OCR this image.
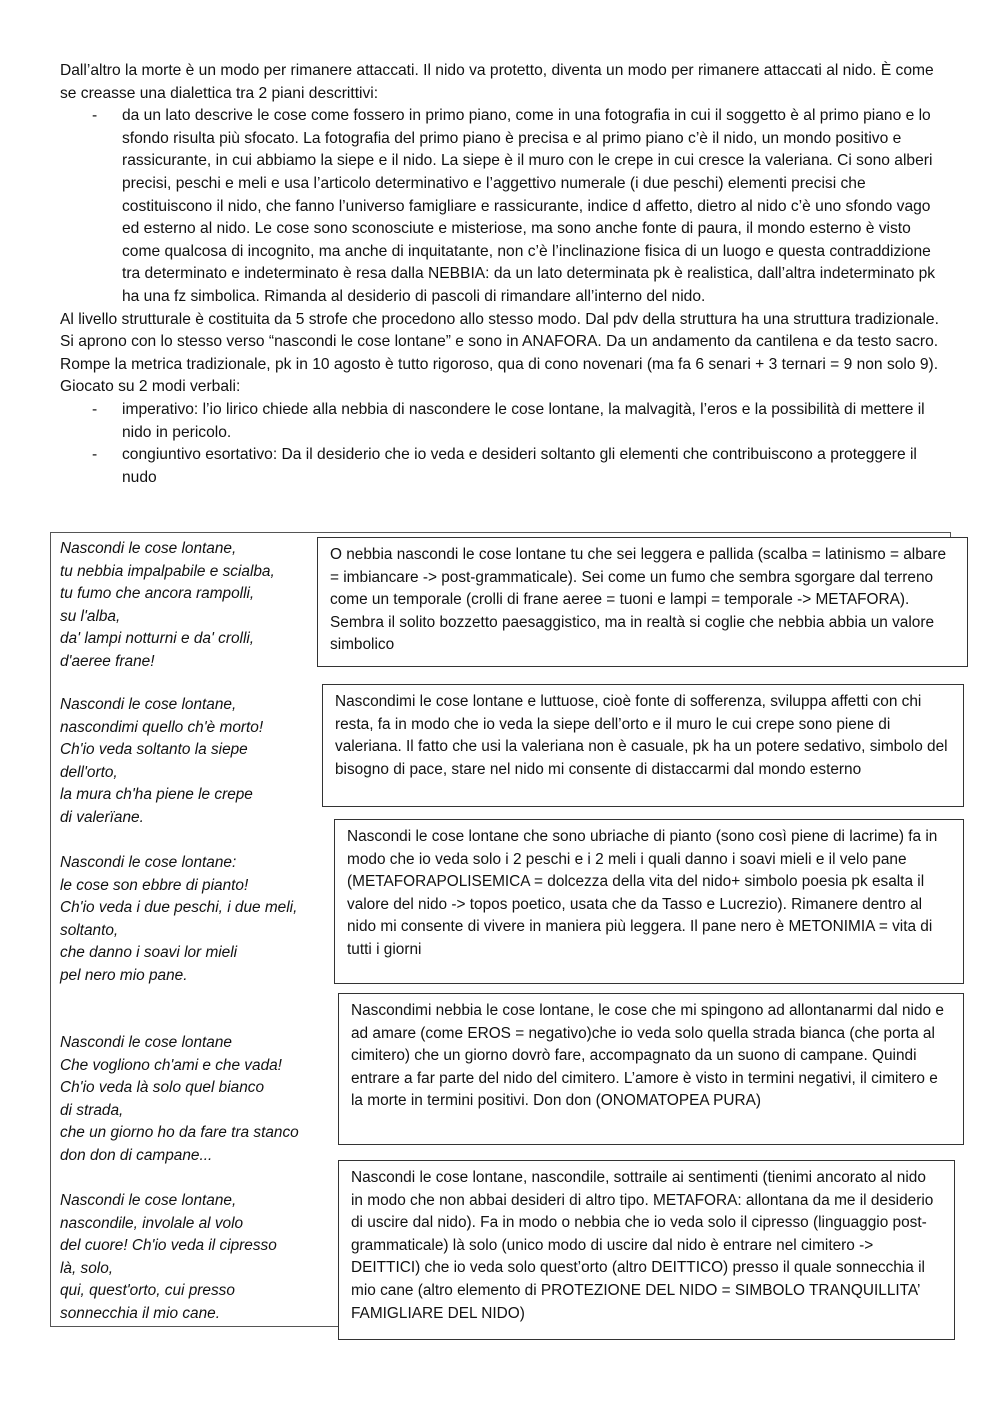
Dall’altro la morte è un modo per rimanere attaccati. Il nido va protetto, diventa un modo per rimanere attaccati al nido. È come se creasse una dialettica tra 2 piani descrittivi:

- da un lato descrive le cose come fossero in primo piano, come in una fotografia in cui il soggetto è al primo piano e lo sfondo risulta più sfocato. La fotografia del primo piano è precisa e al primo piano c’è il nido, un mondo positivo e rassicurante, in cui abbiamo la siepe e il nido. La siepe è il muro con le crepe in cui cresce la valeriana. Ci sono alberi precisi, peschi e meli e usa l’articolo determinativo e l’aggettivo numerale (i due peschi) elementi precisi che costituiscono il nido, che fanno l’universo famigliare e rassicurante, indice d affetto, dietro al nido c’è uno sfondo vago ed esterno al nido. Le cose sono sconosciute e misteriose, ma sono anche fonte di paura, il mondo esterno è visto come qualcosa di incognito, ma anche di inquitatante, non c’è l’inclinazione fisica di un luogo e questa contraddizione tra determinato e indeterminato è resa dalla NEBBIA: da un lato determinata pk è realistica, dall’altra indeterminato pk ha una fz simbolica. Rimanda al desiderio di pascoli di rimandare all’interno del nido.

Al livello strutturale è costituita da 5 strofe che procedono allo stesso modo. Dal pdv della struttura ha una struttura tradizionale. Si aprono con lo stesso verso “nascondi le cose lontane” e sono in ANAFORA. Da un andamento da cantilena e da testo sacro. Rompe la metrica tradizionale, pk in 10 agosto è tutto rigoroso, qua di cono novenari (ma fa 6 senari + 3 ternari = 9 non solo 9). Giocato su 2 modi verbali:

- imperativo: l’io lirico chiede alla nebbia di nascondere le cose lontane, la malvagità, l’eros e la possibilità di mettere il nido in pericolo.
- congiuntivo esortativo: Da il desiderio che io veda e desideri soltanto gli elementi che contribuiscono a proteggere il nudo
Nascondi le cose lontane,
tu nebbia impalpabile e scialba,
tu fumo che ancora rampolli,
su l'alba,
da' lampi notturni e da' crolli,
d'aeree frane!
Nascondi le cose lontane,
nascondimi quello ch'è morto!
Ch'io veda soltanto la siepe
dell'orto,
la mura ch'ha piene le crepe
di valerïane.
Nascondi le cose lontane:
le cose son ebbre di pianto!
Ch'io veda i due peschi, i due meli,
soltanto,
che danno i soavi lor mieli
pel nero mio pane.
Nascondi le cose lontane
Che vogliono ch'ami e che vada!
Ch'io veda là solo quel bianco
di strada,
che un giorno ho da fare tra stanco
don don di campane...
Nascondi le cose lontane,
nascondile, involale al volo
del cuore! Ch'io veda il cipresso
là, solo,
qui, quest'orto, cui presso
sonnecchia il mio cane.
O nebbia nascondi le cose lontane tu che sei leggera e pallida (scalba = latinismo = albare = imbiancare -> post-grammaticale). Sei come un fumo che sembra sgorgare dal terreno come un temporale (crolli di frane aeree = tuoni e lampi = temporale -> METAFORA). Sembra il solito bozzetto paesaggistico, ma in realtà si coglie che nebbia abbia un valore simbolico
Nascondimi le cose lontane e luttuose, cioè fonte di sofferenza, sviluppa affetti con chi resta, fa in modo che io veda la siepe dell’orto e il muro le cui crepe sono piene di valeriana. Il fatto che usi la valeriana non è casuale, pk ha un potere sedativo, simbolo del bisogno di pace, stare nel nido mi consente di distaccarmi dal mondo esterno
Nascondi le cose lontane che sono ubriache di pianto (sono così piene di lacrime) fa in modo che io veda solo i 2 peschi e i 2 meli i quali danno i soavi mieli e il velo pane (METAFORAPOLISEMICA = dolcezza della vita del nido+ simbolo poesia pk esalta il valore del nido -> topos poetico, usata che da Tasso e Lucrezio). Rimanere dentro al nido mi consente di vivere in maniera più leggera. Il pane nero è METONIMIA = vita di tutti i giorni
Nascondimi nebbia le cose lontane, le cose che mi spingono ad allontanarmi dal nido e ad amare (come EROS = negativo)che io veda solo quella strada bianca (che porta al cimitero) che un giorno dovrò fare, accompagnato da un suono di campane. Quindi entrare a far parte del nido del cimitero. L’amore è visto in termini negativi, il cimitero e la morte in termini positivi. Don don (ONOMATOPEA PURA)
Nascondi le cose lontane, nascondile, sottraile ai sentimenti (tienimi ancorato al nido in modo che non abbai desideri di altro tipo. METAFORA: allontana da me il desiderio di uscire dal nido). Fa in modo o nebbia che io veda solo il cipresso (linguaggio post-grammaticale) là solo (unico modo di uscire dal nido è entrare nel cimitero -> DEITTICI) che io veda solo quest’orto (altro DEITTICO) presso il quale sonnecchia il mio cane (altro elemento di PROTEZIONE DEL NIDO = SIMBOLO TRANQUILLITA’ FAMIGLIARE DEL NIDO)
